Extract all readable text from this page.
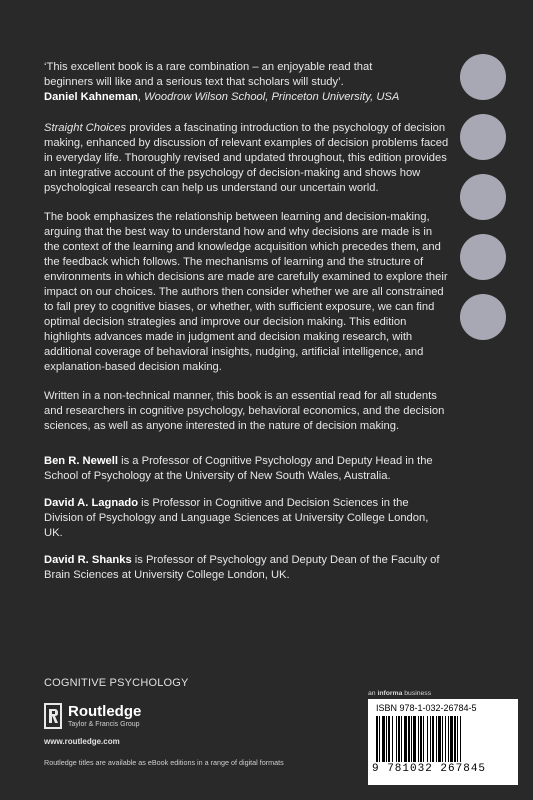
‘This excellent book is a rare combination – an enjoyable read that

beginners will like and a serious text that scholars will study’.

Daniel Kahneman, Woodrow Wilson School, Princeton University, USA

Straight Choices provides a fascinating introduction to the psychology of decision making, enhanced by discussion of relevant examples of decision problems faced in everyday life. Thoroughly revised and updated throughout, this edition provides an integrative account of the psychology of decision-making and shows how psychological research can help us understand our uncertain world.

The book emphasizes the relationship between learning and decision-making, arguing that the best way to understand how and why decisions are made is in the context of the learning and knowledge acquisition which precedes them, and the feedback which follows. The mechanisms of learning and the structure of environments in which decisions are made are carefully examined to explore their impact on our choices. The authors then consider whether we are all constrained to fall prey to cognitive biases, or whether, with sufficient exposure, we can find optimal decision strategies and improve our decision making. This edition highlights advances made in judgment and decision making research, with additional coverage of behavioral insights, nudging, artificial intelligence, and explanation-based decision making.

Written in a non-technical manner, this book is an essential read for all students and researchers in cognitive psychology, behavioral economics, and the decision sciences, as well as anyone interested in the nature of decision making.

Ben R. Newell is a Professor of Cognitive Psychology and Deputy Head in the School of Psychology at the University of New South Wales, Australia.

David A. Lagnado is Professor in Cognitive and Decision Sciences in the Division of Psychology and Language Sciences at University College London, UK.

David R. Shanks is Professor of Psychology and Deputy Dean of the Faculty of Brain Sciences at University College London, UK.

COGNITIVE PSYCHOLOGY
Routledge
Taylor & Francis Group
www.routledge.com
Routledge titles are available as eBook editions in a range of digital formats
an informa business
ISBN 978-1-032-26784-5
9 781032 267845
